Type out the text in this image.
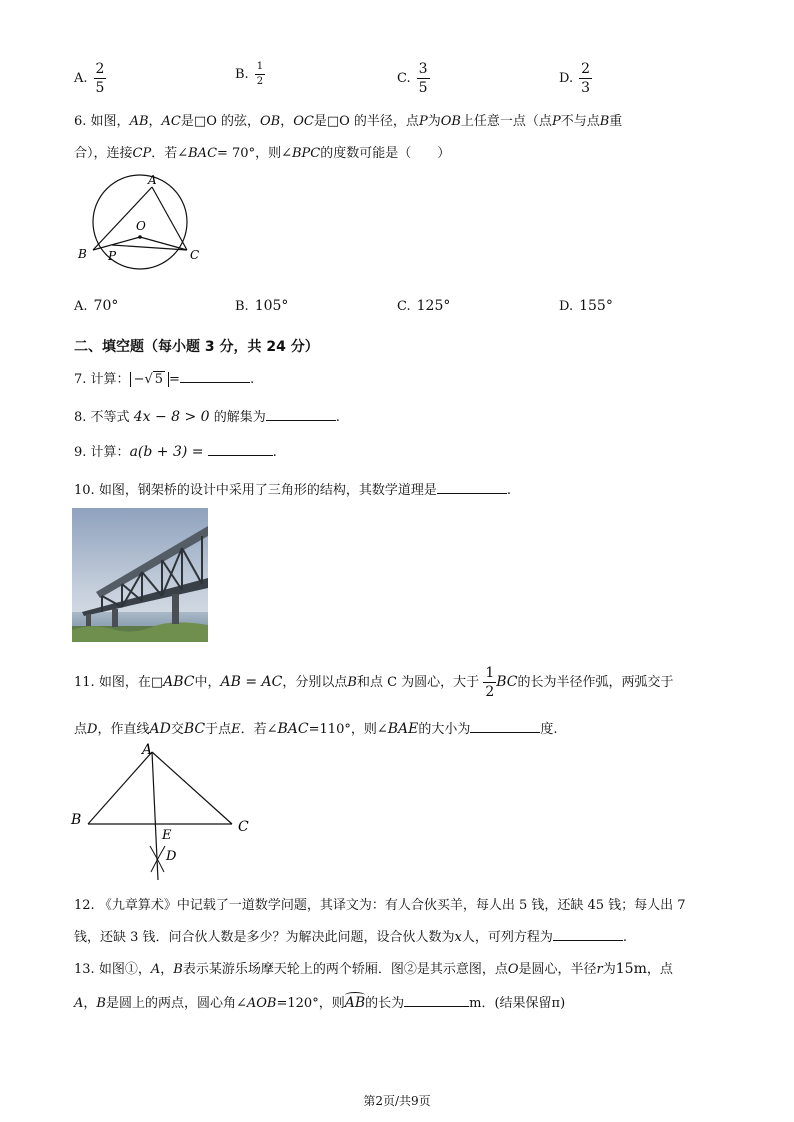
A. $\frac{2}{5}$	B. $\frac{1}{2}$	C. $\frac{3}{5}$	D. $\frac{2}{3}$
6. 如图，AB，AC是□O 的弦，OB，OC是□O 的半径，点P为OB上任意一点（点P不与点B重
合），连接CP．若∠BAC= 70°，则∠BPC的度数可能是（　　）
A
O
B P	C
A. 70°	B. 105°	C. 125°	D. 155°
二、填空题（每小题 3 分，共 24 分）
7. 计算： −√ 5 =	.
8. 不等式 4x − 8 > 0 的解集为	.
9. 计算：a(b + 3) =	.
10. 如图，钢架桥的设计中采用了三角形的结构，其数学道理是	.
11. 如图，在□ABC中，AB = AC，分别以点B和点 C 为圆心，大于 $\frac{1}{2}$ BC的长为半径作弧，两弧交于
点D，作直线AD交BC于点E．若∠BAC=110°，则∠BAE的大小为	度.
A
B	C
E
D
12. 《九章算术》中记载了一道数学问题，其译文为：有人合伙买羊，每人出 5 钱，还缺 45 钱；每人出 7
钱，还缺 3 钱．问合伙人数是多少？为解决此问题，设合伙人数为x人，可列方程为	.
13. 如图①，A，B表示某游乐场摩天轮上的两个轿厢．图②是其示意图，点O是圆心，半径r为15m，点
A，B是圆上的两点，圆心角∠AOB=120°，则AB的长为	m．(结果保留π)
第2页/共9页
